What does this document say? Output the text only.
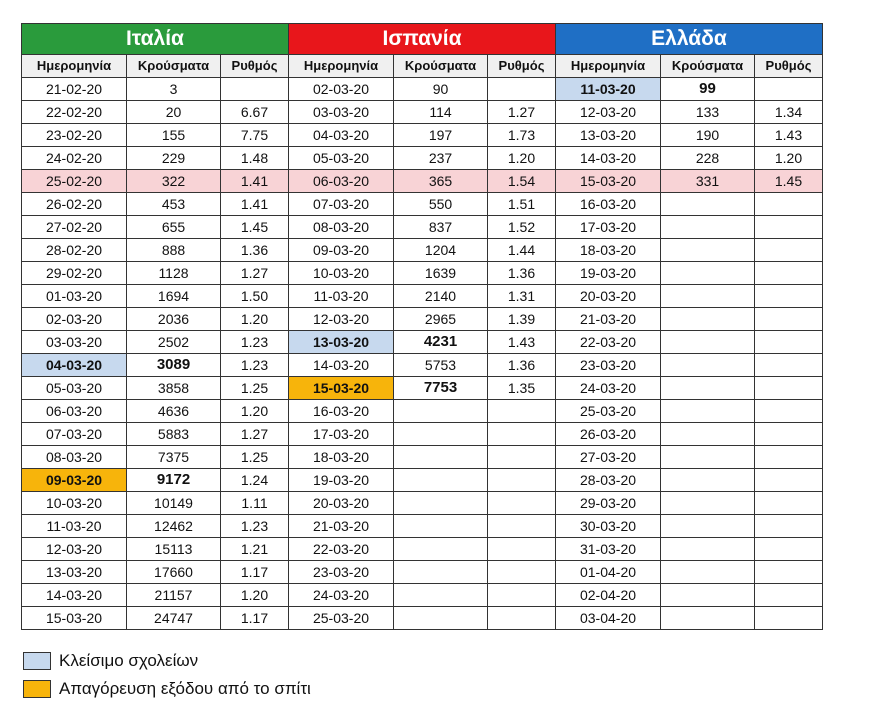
Ιταλία			Ισπανία			Ελλάδα		
Ημερομηνία	Κρούσματα	Ρυθμός	Ημερομηνία	Κρούσματα	Ρυθμός	Ημερομηνία	Κρούσματα	Ρυθμός
21-02-20	3		02-03-20	90		11-03-20	99	
22-02-20	20	6.67	03-03-20	114	1.27	12-03-20	133	1.34
23-02-20	155	7.75	04-03-20	197	1.73	13-03-20	190	1.43
24-02-20	229	1.48	05-03-20	237	1.20	14-03-20	228	1.20
25-02-20	322	1.41	06-03-20	365	1.54	15-03-20	331	1.45
26-02-20	453	1.41	07-03-20	550	1.51	16-03-20		
27-02-20	655	1.45	08-03-20	837	1.52	17-03-20		
28-02-20	888	1.36	09-03-20	1204	1.44	18-03-20		
29-02-20	1128	1.27	10-03-20	1639	1.36	19-03-20		
01-03-20	1694	1.50	11-03-20	2140	1.31	20-03-20		
02-03-20	2036	1.20	12-03-20	2965	1.39	21-03-20		
03-03-20	2502	1.23	13-03-20	4231	1.43	22-03-20		
04-03-20	3089	1.23	14-03-20	5753	1.36	23-03-20		
05-03-20	3858	1.25	15-03-20	7753	1.35	24-03-20		
06-03-20	4636	1.20	16-03-20			25-03-20		
07-03-20	5883	1.27	17-03-20			26-03-20		
08-03-20	7375	1.25	18-03-20			27-03-20		
09-03-20	9172	1.24	19-03-20			28-03-20		
10-03-20	10149	1.11	20-03-20			29-03-20		
11-03-20	12462	1.23	21-03-20			30-03-20		
12-03-20	15113	1.21	22-03-20			31-03-20		
13-03-20	17660	1.17	23-03-20			01-04-20		
14-03-20	21157	1.20	24-03-20			02-04-20		
15-03-20	24747	1.17	25-03-20			03-04-20		
Κλείσιμο σχολείων
Απαγόρευση εξόδου από το σπίτι
